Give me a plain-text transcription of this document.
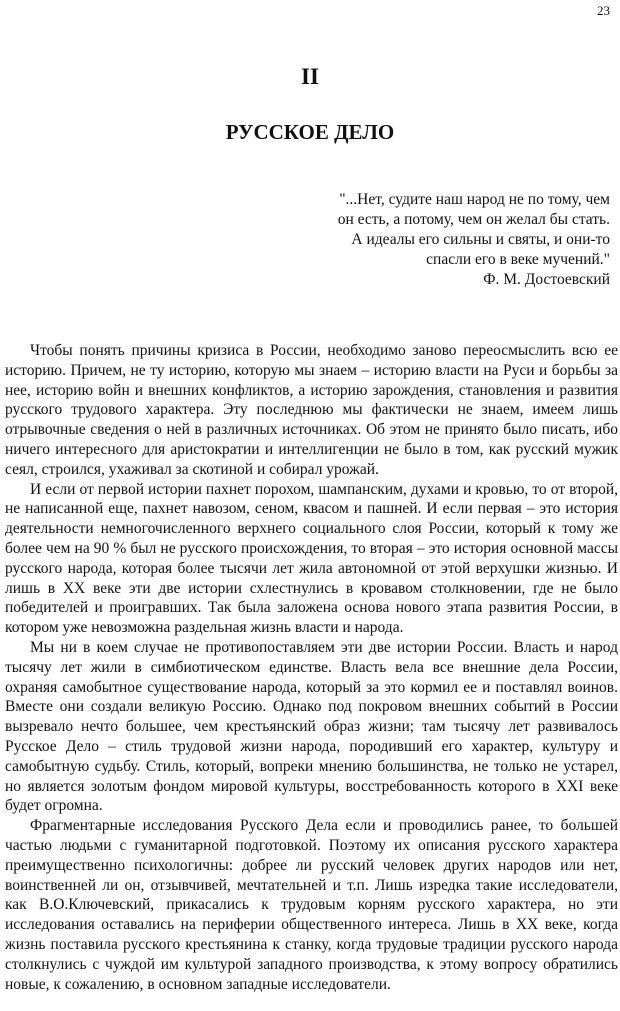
23
II
РУССКОЕ ДЕЛО
"...Нет, судите наш народ не по тому, чем
он есть, а потому, чем он желал бы стать.
А идеалы его сильны и святы, и они-то
спасли его в веке мучений."
Ф. М. Достоевский

Чтобы понять причины кризиса в России, необходимо заново переосмыслить всю ее историю. Причем, не ту историю, которую мы знаем – историю власти на Руси и борьбы за нее, историю войн и внешних конфликтов, а историю зарождения, становления и развития русского трудового характера. Эту последнюю мы фактически не знаем, имеем лишь отрывочные сведения о ней в различных источниках. Об этом не принято было писать, ибо ничего интересного для аристократии и интеллигенции не было в том, как русский мужик сеял, строился, ухаживал за скотиной и собирал урожай.

И если от первой истории пахнет порохом, шампанским, духами и кровью, то от второй, не написанной еще, пахнет навозом, сеном, квасом и пашней. И если первая – это история деятельности немногочисленного верхнего социального слоя России, который к тому же более чем на 90 % был не русского происхождения, то вторая – это история основной массы русского народа, которая более тысячи лет жила автономной от этой верхушки жизнью. И лишь в XX веке эти две истории схлестнулись в кровавом столкновении, где не было победителей и проигравших. Так была заложена основа нового этапа развития России, в котором уже невозможна раздельная жизнь власти и народа.

Мы ни в коем случае не противопоставляем эти две истории России. Власть и народ тысячу лет жили в симбиотическом единстве. Власть вела все внешние дела России, охраняя самобытное существование народа, который за это кормил ее и поставлял воинов. Вместе они создали великую Россию. Однако под покровом внешних событий в России вызревало нечто большее, чем крестьянский образ жизни; там тысячу лет развивалось Русское Дело – стиль трудовой жизни народа, породивший его характер, культуру и самобытную судьбу. Стиль, который, вопреки мнению большинства, не только не устарел, но является золотым фондом мировой культуры, восстребованность которого в XXI веке будет огромна.

Фрагментарные исследования Русского Дела если и проводились ранее, то большей частью людьми с гуманитарной подготовкой. Поэтому их описания русского характера преимущественно психологичны: добрее ли русский человек других народов или нет, воинственней ли он, отзывчивей, мечтательней и т.п. Лишь изредка такие исследователи, как В.О.Ключевский, прикасались к трудовым корням русского характера, но эти исследования оставались на периферии общественного интереса. Лишь в XX веке, когда жизнь поставила русского крестьянина к станку, когда трудовые традиции русского народа столкнулись с чуждой им культурой западного производства, к этому вопросу обратились новые, к сожалению, в основном западные исследователи.
